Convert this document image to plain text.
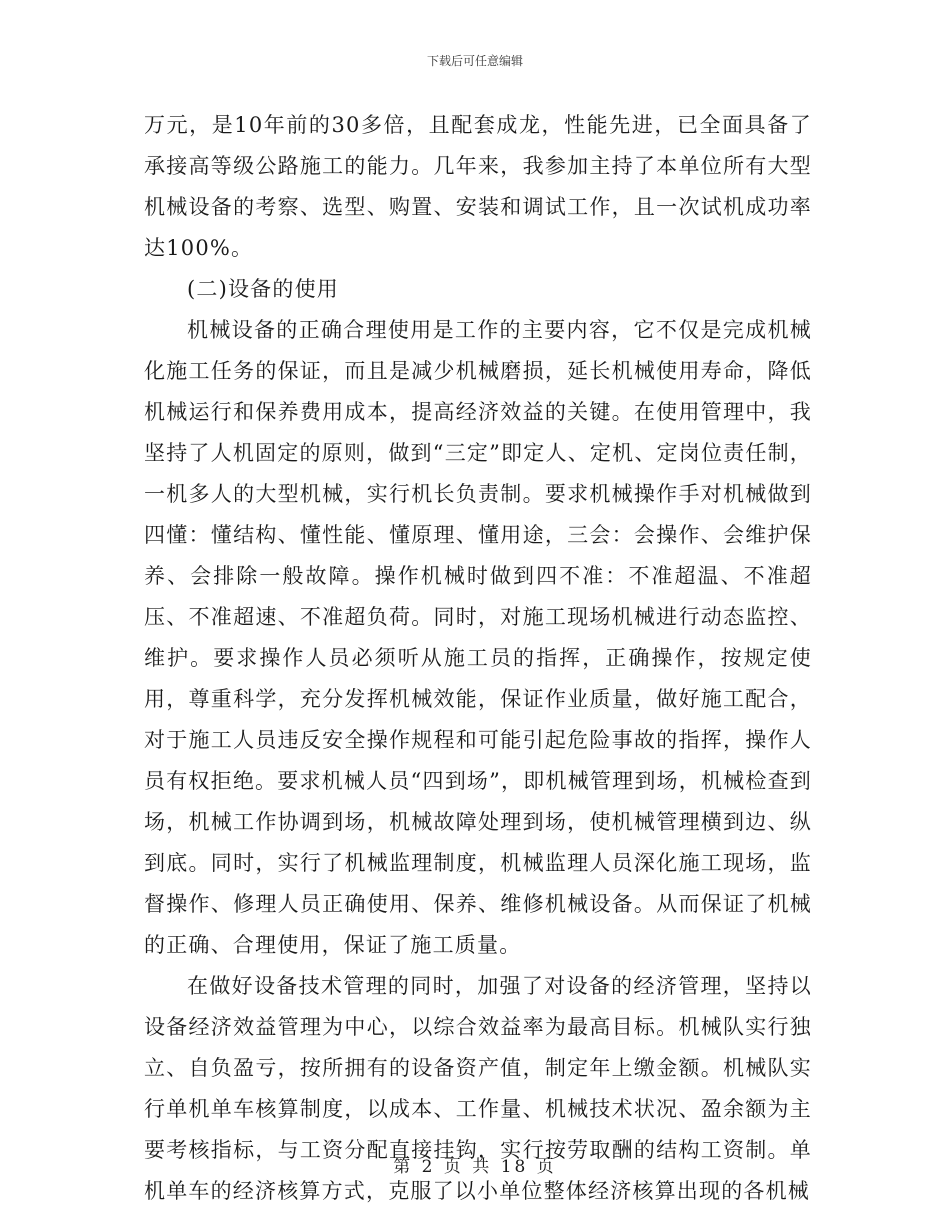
下载后可任意编辑

万元，是10年前的30多倍，且配套成龙，性能先进，已全面具备了承接高等级公路施工的能力。几年来，我参加主持了本单位所有大型机械设备的考察、选型、购置、安装和调试工作，且一次试机成功率达100%。

(二)设备的使用

机械设备的正确合理使用是工作的主要内容，它不仅是完成机械化施工任务的保证，而且是减少机械磨损，延长机械使用寿命，降低机械运行和保养费用成本，提高经济效益的关键。在使用管理中，我坚持了人机固定的原则，做到“三定”即定人、定机、定岗位责任制，一机多人的大型机械，实行机长负责制。要求机械操作手对机械做到四懂：懂结构、懂性能、懂原理、懂用途，三会：会操作、会维护保养、会排除一般故障。操作机械时做到四不准：不准超温、不准超压、不准超速、不准超负荷。同时，对施工现场机械进行动态监控、维护。要求操作人员必须听从施工员的指挥，正确操作，按规定使用，尊重科学，充分发挥机械效能，保证作业质量，做好施工配合，对于施工人员违反安全操作规程和可能引起危险事故的指挥，操作人员有权拒绝。要求机械人员“四到场”，即机械管理到场，机械检查到场，机械工作协调到场，机械故障处理到场，使机械管理横到边、纵到底。同时，实行了机械监理制度，机械监理人员深化施工现场，监督操作、修理人员正确使用、保养、维修机械设备。从而保证了机械的正确、合理使用，保证了施工质量。

在做好设备技术管理的同时，加强了对设备的经济管理，坚持以设备经济效益管理为中心，以综合效益率为最高目标。机械队实行独立、自负盈亏，按所拥有的设备资产值，制定年上缴金额。机械队实行单机单车核算制度，以成本、工作量、机械技术状况、盈余额为主要考核指标，与工资分配直接挂钩，实行按劳取酬的结构工资制。单机单车的经济核算方式，克服了以小单位整体经济核算出现的各机械

第 2 页 共 18 页
